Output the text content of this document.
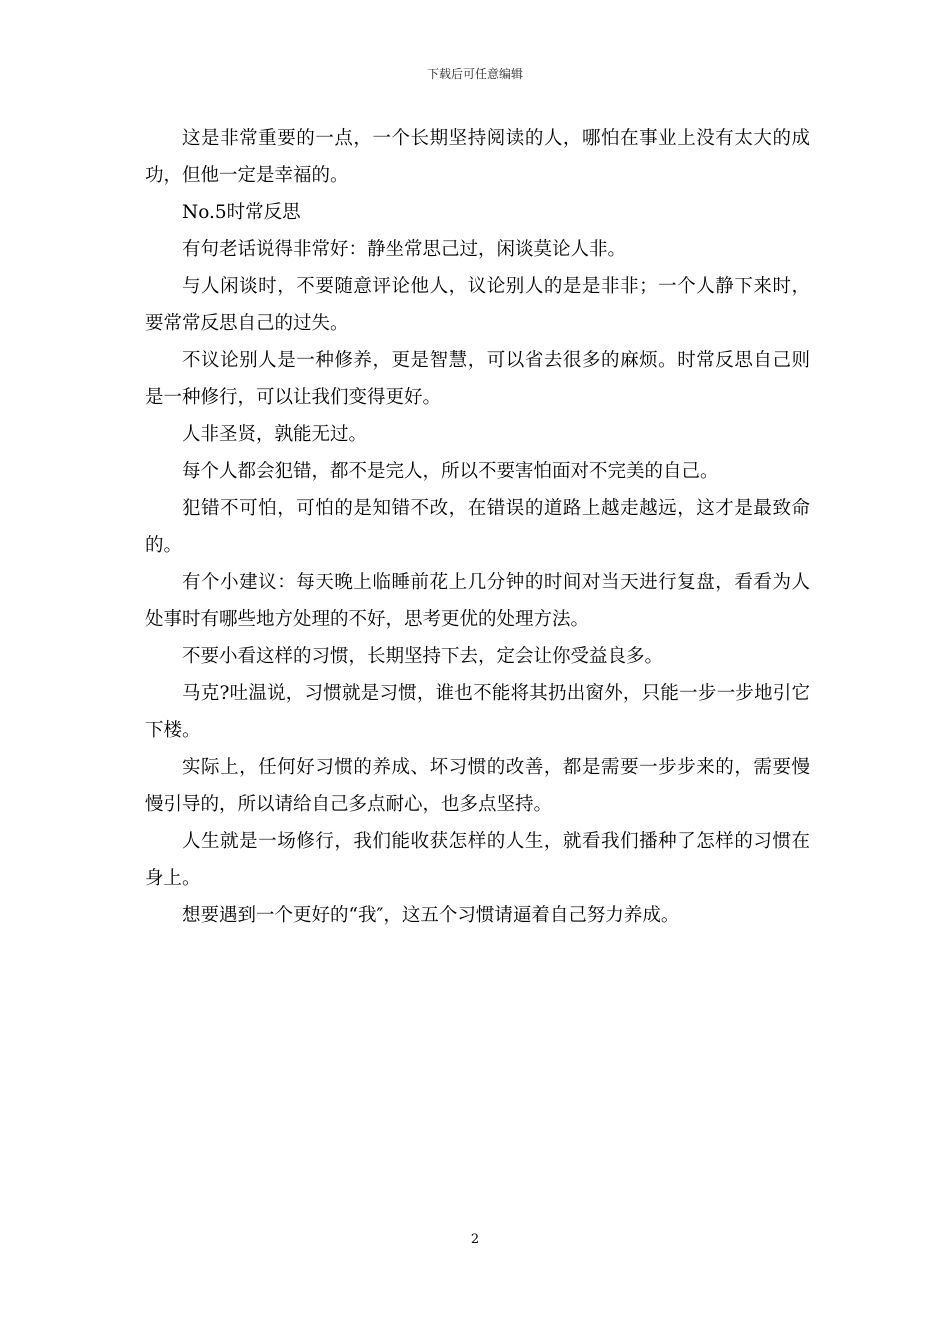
下载后可任意编辑

这是非常重要的一点，一个长期坚持阅读的人，哪怕在事业上没有太大的成功，但他一定是幸福的。

No.5时常反思

有句老话说得非常好：静坐常思己过，闲谈莫论人非。

与人闲谈时，不要随意评论他人，议论别人的是是非非；一个人静下来时，要常常反思自己的过失。

不议论别人是一种修养，更是智慧，可以省去很多的麻烦。时常反思自己则是一种修行，可以让我们变得更好。

人非圣贤，孰能无过。

每个人都会犯错，都不是完人，所以不要害怕面对不完美的自己。

犯错不可怕，可怕的是知错不改，在错误的道路上越走越远，这才是最致命的。

有个小建议：每天晚上临睡前花上几分钟的时间对当天进行复盘，看看为人处事时有哪些地方处理的不好，思考更优的处理方法。

不要小看这样的习惯，长期坚持下去，定会让你受益良多。

马克?吐温说，习惯就是习惯，谁也不能将其扔出窗外，只能一步一步地引它下楼。

实际上，任何好习惯的养成、坏习惯的改善，都是需要一步步来的，需要慢慢引导的，所以请给自己多点耐心，也多点坚持。

人生就是一场修行，我们能收获怎样的人生，就看我们播种了怎样的习惯在身上。

想要遇到一个更好的“我″，这五个习惯请逼着自己努力养成。

2
